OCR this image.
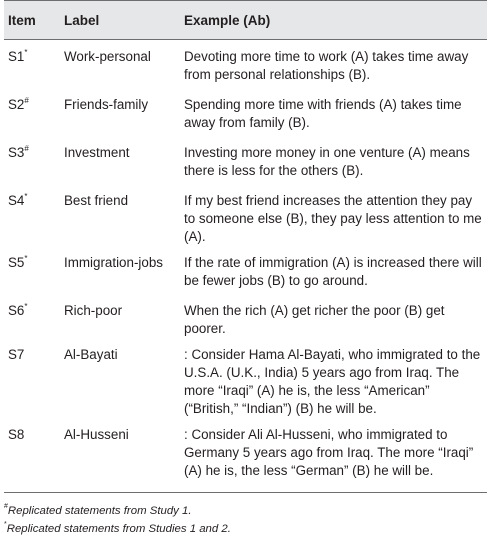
Item	Label	Example (Ab)
S1*	Work-personal	Devoting more time to work (A) takes time away from personal relationships (B).
S2#	Friends-family	Spending more time with friends (A) takes time away from family (B).
S3#	Investment	Investing more money in one venture (A) means there is less for the others (B).
S4*	Best friend	If my best friend increases the attention they pay to someone else (B), they pay less attention to me (A).
S5*	Immigration-jobs	If the rate of immigration (A) is increased there will be fewer jobs (B) to go around.
S6*	Rich-poor	When the rich (A) get richer the poor (B) get poorer.
S7	Al-Bayati	: Consider Hama Al-Bayati, who immigrated to the U.S.A. (U.K., India) 5 years ago from Iraq. The more “Iraqi” (A) he is, the less “American” (“British,” “Indian”) (B) he will be.
S8	Al-Husseni	: Consider Ali Al-Husseni, who immigrated to Germany 5 years ago from Iraq. The more “Iraqi” (A) he is, the less “German” (B) he will be.
#Replicated statements from Study 1.
*Replicated statements from Studies 1 and 2.
